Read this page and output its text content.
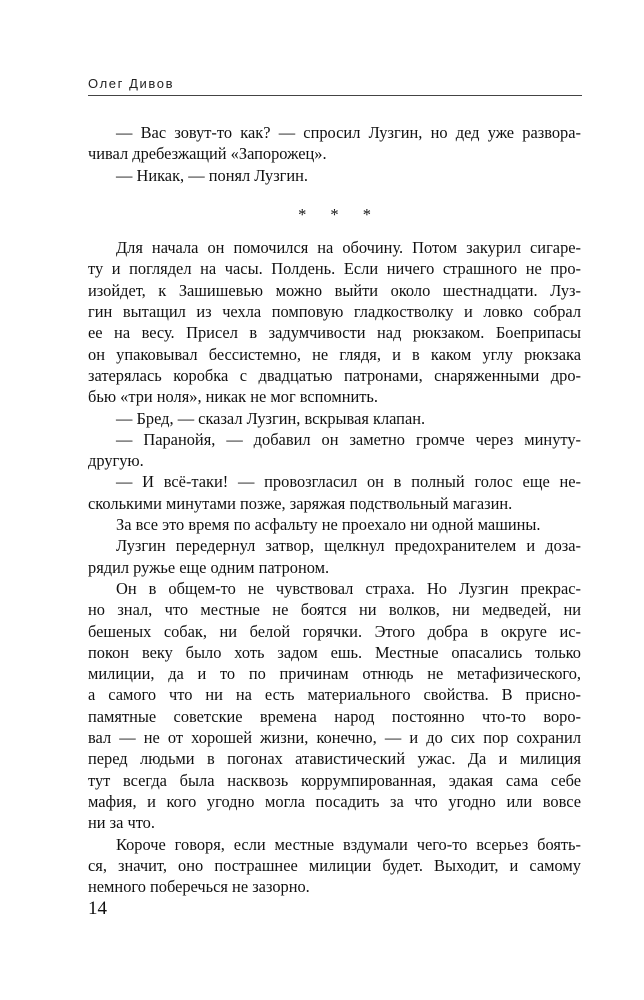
Олег Дивов
— Вас зовут-то как? — спросил Лузгин, но дед уже развора-
чивал дребезжащий «Запорожец».
— Никак, — понял Лузгин.
* * *
Для начала он помочился на обочину. Потом закурил сигаре-
ту и поглядел на часы. Полдень. Если ничего страшного не про-
изойдет, к Зашишевью можно выйти около шестнадцати. Луз-
гин вытащил из чехла помповую гладкостволку и ловко собрал
ее на весу. Присел в задумчивости над рюкзаком. Боеприпасы
он упаковывал бессистемно, не глядя, и в каком углу рюкзака
затерялась коробка с двадцатью патронами, снаряженными дро-
бью «три ноля», никак не мог вспомнить.
— Бред, — сказал Лузгин, вскрывая клапан.
— Паранойя, — добавил он заметно громче через минуту-
другую.
— И всё-таки! — провозгласил он в полный голос еще не-
сколькими минутами позже, заряжая подствольный магазин.
За все это время по асфальту не проехало ни одной машины.
Лузгин передернул затвор, щелкнул предохранителем и доза-
рядил ружье еще одним патроном.
Он в общем-то не чувствовал страха. Но Лузгин прекрас-
но знал, что местные не боятся ни волков, ни медведей, ни
бешеных собак, ни белой горячки. Этого добра в округе ис-
покон веку было хоть задом ешь. Местные опасались только
милиции, да и то по причинам отнюдь не метафизического,
а самого что ни на есть материального свойства. В присно-
памятные советские времена народ постоянно что-то воро-
вал — не от хорошей жизни, конечно, — и до сих пор сохранил
перед людьми в погонах атавистический ужас. Да и милиция
тут всегда была насквозь коррумпированная, эдакая сама себе
мафия, и кого угодно могла посадить за что угодно или вовсе
ни за что.
Короче говоря, если местные вздумали чего-то всерьез боять-
ся, значит, оно пострашнее милиции будет. Выходит, и самому
немного поберечься не зазорно.
14
